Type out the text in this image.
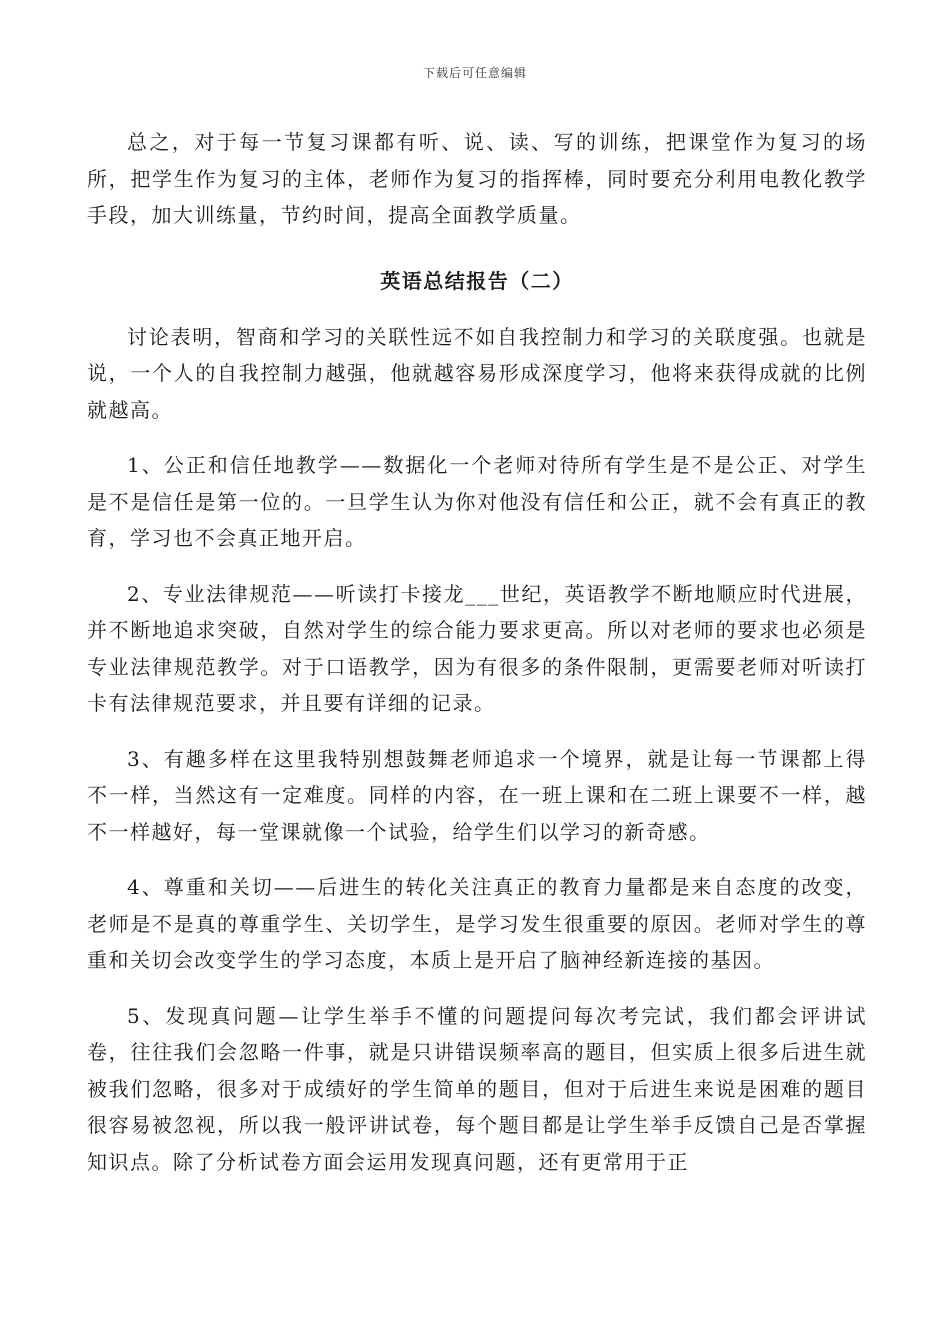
下载后可任意编辑

总之，对于每一节复习课都有听、说、读、写的训练，把课堂作为复习的场所，把学生作为复习的主体，老师作为复习的指挥棒，同时要充分利用电教化教学手段，加大训练量，节约时间，提高全面教学质量。

英语总结报告（二）

讨论表明，智商和学习的关联性远不如自我控制力和学习的关联度强。也就是说，一个人的自我控制力越强，他就越容易形成深度学习，他将来获得成就的比例就越高。

1、公正和信任地教学——数据化一个老师对待所有学生是不是公正、对学生是不是信任是第一位的。一旦学生认为你对他没有信任和公正，就不会有真正的教育，学习也不会真正地开启。

2、专业法律规范——听读打卡接龙___世纪，英语教学不断地顺应时代进展，并不断地追求突破，自然对学生的综合能力要求更高。所以对老师的要求也必须是专业法律规范教学。对于口语教学，因为有很多的条件限制，更需要老师对听读打卡有法律规范要求，并且要有详细的记录。

3、有趣多样在这里我特别想鼓舞老师追求一个境界，就是让每一节课都上得不一样，当然这有一定难度。同样的内容，在一班上课和在二班上课要不一样，越不一样越好，每一堂课就像一个试验，给学生们以学习的新奇感。

4、尊重和关切——后进生的转化关注真正的教育力量都是来自态度的改变，老师是不是真的尊重学生、关切学生，是学习发生很重要的原因。老师对学生的尊重和关切会改变学生的学习态度，本质上是开启了脑神经新连接的基因。

5、发现真问题—让学生举手不懂的问题提问每次考完试，我们都会评讲试卷，往往我们会忽略一件事，就是只讲错误频率高的题目，但实质上很多后进生就被我们忽略，很多对于成绩好的学生简单的题目，但对于后进生来说是困难的题目很容易被忽视，所以我一般评讲试卷，每个题目都是让学生举手反馈自己是否掌握知识点。除了分析试卷方面会运用发现真问题，还有更常用于正
